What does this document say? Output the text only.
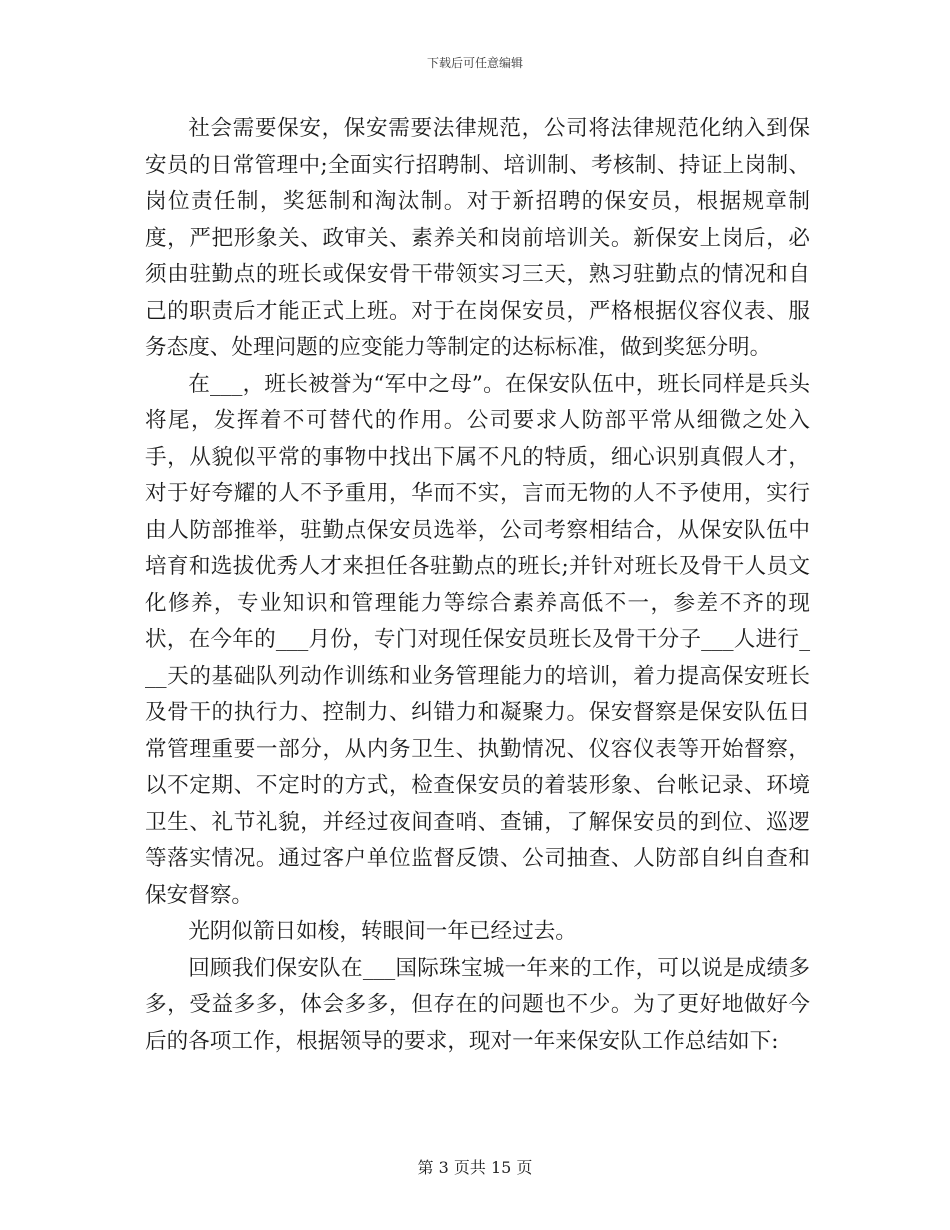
下载后可任意编辑

社会需要保安，保安需要法律规范，公司将法律规范化纳入到保安员的日常管理中;全面实行招聘制、培训制、考核制、持证上岗制、岗位责任制，奖惩制和淘汰制。对于新招聘的保安员，根据规章制度，严把形象关、政审关、素养关和岗前培训关。新保安上岗后，必须由驻勤点的班长或保安骨干带领实习三天，熟习驻勤点的情况和自己的职责后才能正式上班。对于在岗保安员，严格根据仪容仪表、服务态度、处理问题的应变能力等制定的达标标准，做到奖惩分明。

在___，班长被誉为“军中之母”。在保安队伍中，班长同样是兵头将尾，发挥着不可替代的作用。公司要求人防部平常从细微之处入手，从貌似平常的事物中找出下属不凡的特质，细心识别真假人才，对于好夸耀的人不予重用，华而不实，言而无物的人不予使用，实行由人防部推举，驻勤点保安员选举，公司考察相结合，从保安队伍中培育和选拔优秀人才来担任各驻勤点的班长;并针对班长及骨干人员文化修养，专业知识和管理能力等综合素养高低不一，参差不齐的现状，在今年的___月份，专门对现任保安员班长及骨干分子___人进行___天的基础队列动作训练和业务管理能力的培训，着力提高保安班长及骨干的执行力、控制力、纠错力和凝聚力。保安督察是保安队伍日常管理重要一部分，从内务卫生、执勤情况、仪容仪表等开始督察，以不定期、不定时的方式，检查保安员的着装形象、台帐记录、环境卫生、礼节礼貌，并经过夜间查哨、查铺，了解保安员的到位、巡逻等落实情况。通过客户单位监督反馈、公司抽查、人防部自纠自查和保安督察。

光阴似箭日如梭，转眼间一年已经过去。

回顾我们保安队在___国际珠宝城一年来的工作，可以说是成绩多多，受益多多，体会多多，但存在的问题也不少。为了更好地做好今后的各项工作，根据领导的要求，现对一年来保安队工作总结如下:

第 3 页共 15 页
